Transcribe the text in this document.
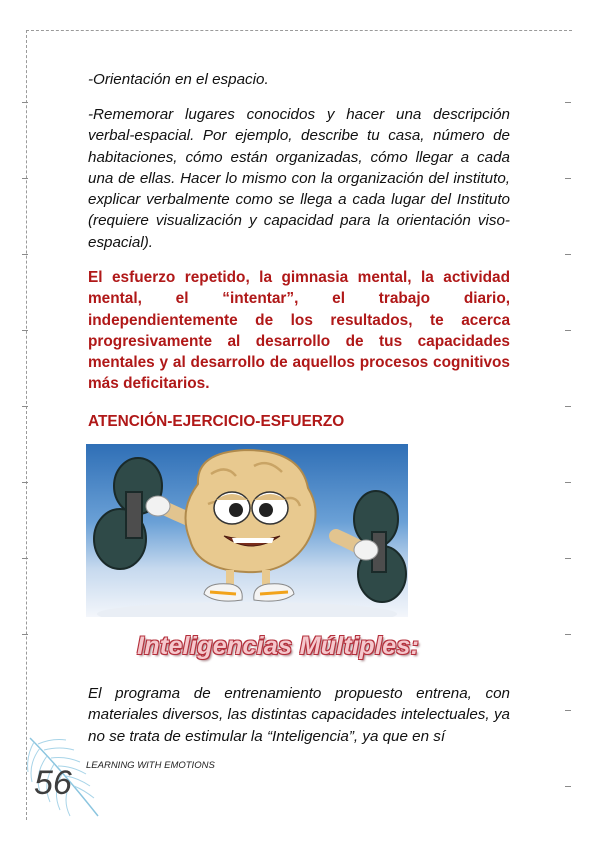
-Orientación en el espacio.

-Rememorar lugares conocidos y hacer una descripción verbal-espacial. Por ejemplo, describe tu casa, número de habitaciones, cómo están organizadas, cómo llegar a cada una de ellas. Hacer lo mismo con la organización del instituto, explicar verbalmente como se llega a cada lugar del Instituto (requiere visualización y capacidad para la orientación viso-espacial).

El esfuerzo repetido, la gimnasia mental, la actividad mental, el “intentar”, el trabajo diario, independientemente de los resultados, te acerca progresivamente al desarrollo de tus capacidades mentales y al desarrollo de aquellos procesos cognitivos más deficitarios.

ATENCIÓN-EJERCICIO-ESFUERZO

Inteligencias Múltiples:

El programa de entrenamiento propuesto entrena, con materiales diversos, las distintas capacidades intelectuales, ya no se trata de estimular la “Inteligencia”, ya que en sí

56 LEARNING WITH EMOTIONS
